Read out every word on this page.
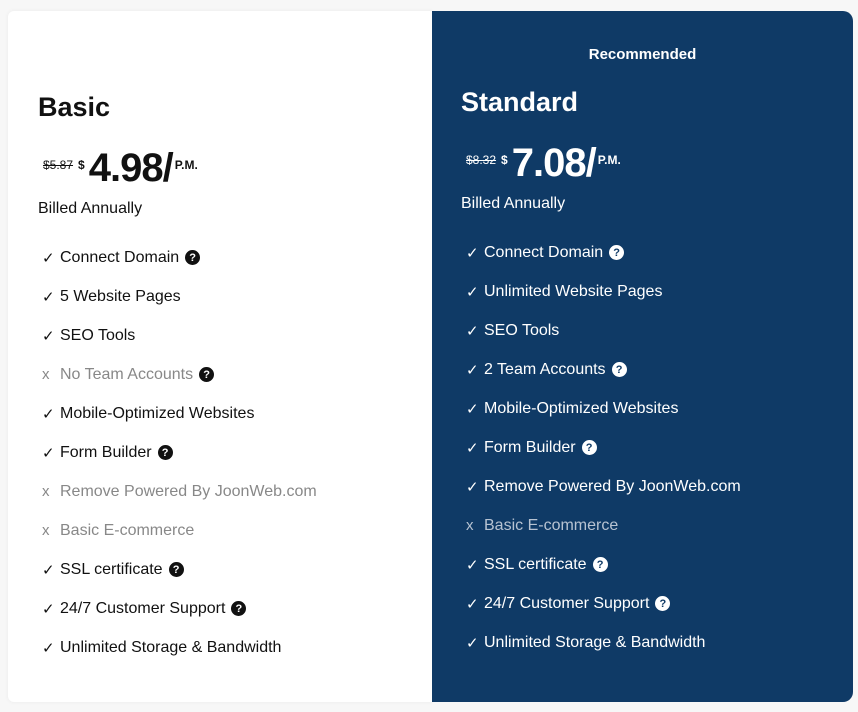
Basic
$5.87 $ 4.98/ P.M.
Billed Annually
✓ Connect Domain ?
✓ 5 Website Pages
✓ SEO Tools
x No Team Accounts ?
✓ Mobile-Optimized Websites
✓ Form Builder ?
x Remove Powered By JoonWeb.com
x Basic E-commerce
✓ SSL certificate ?
✓ 24/7 Customer Support ?
✓ Unlimited Storage & Bandwidth
Recommended
Standard
$8.32 $ 7.08/ P.M.
Billed Annually
✓ Connect Domain ?
✓ Unlimited Website Pages
✓ SEO Tools
✓ 2 Team Accounts ?
✓ Mobile-Optimized Websites
✓ Form Builder ?
✓ Remove Powered By JoonWeb.com
x Basic E-commerce
✓ SSL certificate ?
✓ 24/7 Customer Support ?
✓ Unlimited Storage & Bandwidth
